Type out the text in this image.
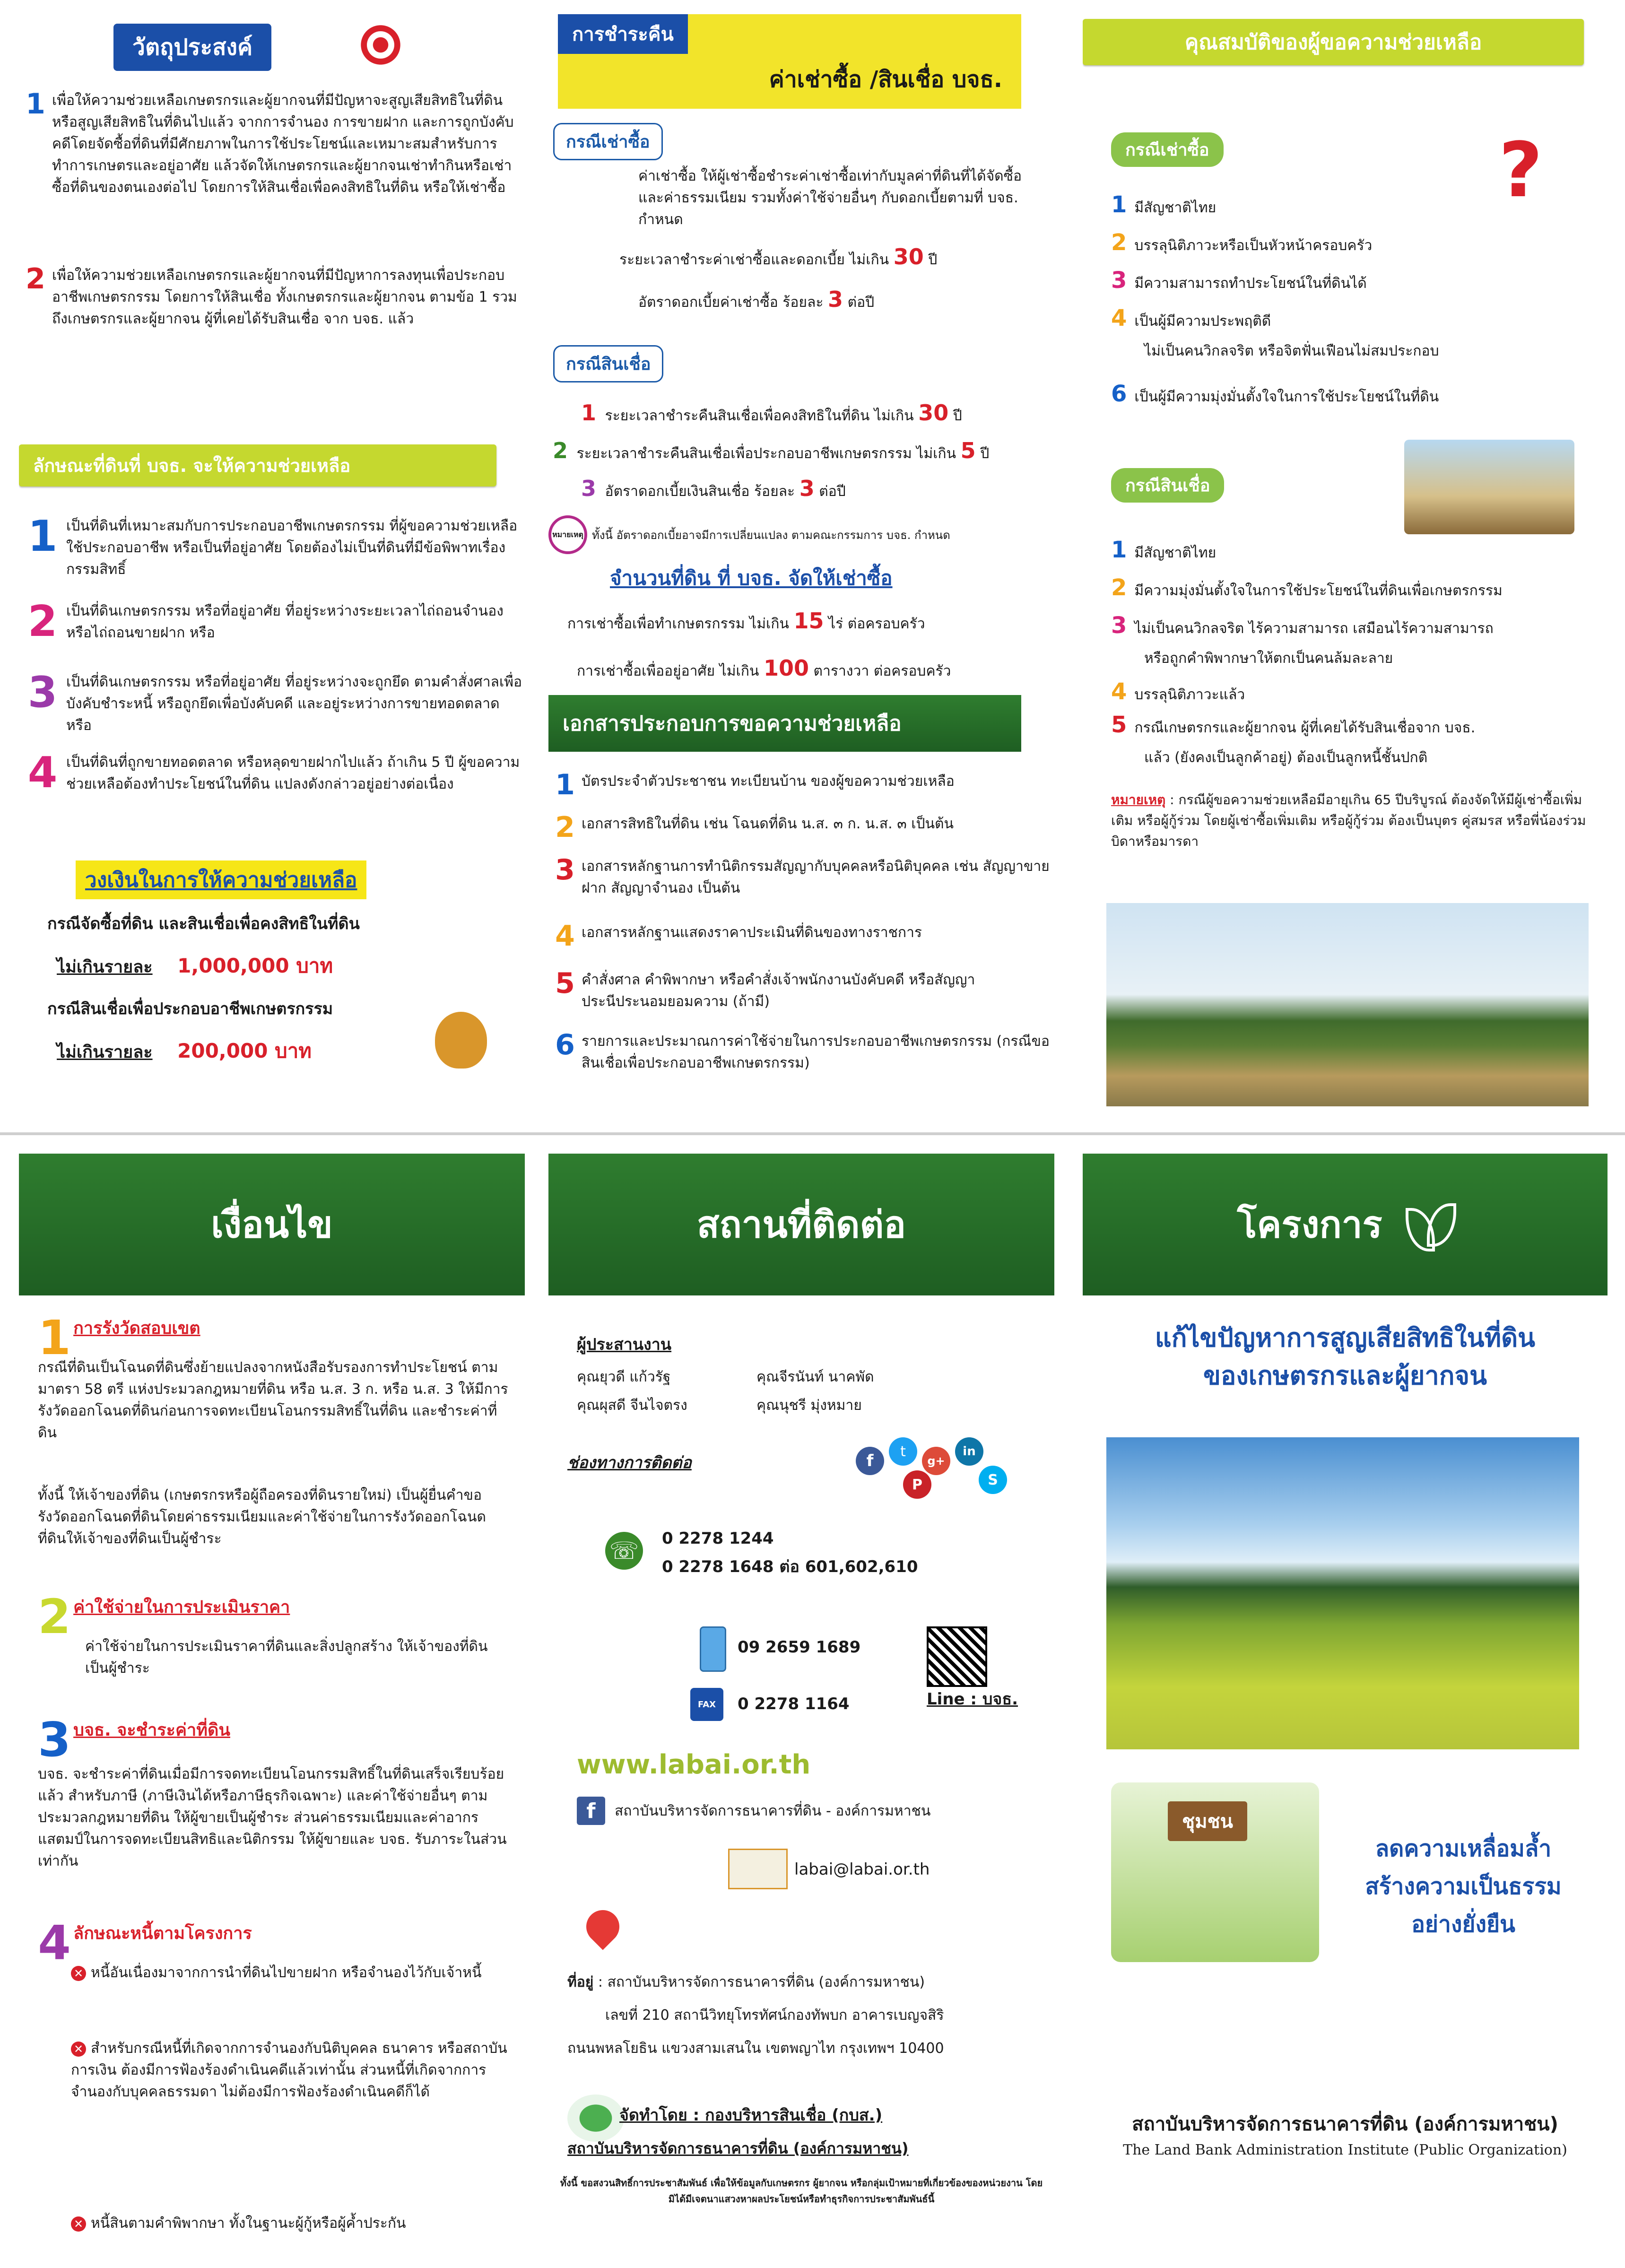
วัตถุประสงค์
1 เพื่อให้ความช่วยเหลือเกษตรกรและผู้ยากจนที่มีปัญหาจะสูญเสียสิทธิในที่ดิน หรือสูญเสียสิทธิในที่ดินไปแล้ว จากการจำนอง การขายฝาก และการถูกบังคับคดีโดยจัดซื้อที่ดินที่มีศักยภาพในการใช้ประโยชน์และเหมาะสมสำหรับการทำการเกษตรและอยู่อาศัย แล้วจัดให้เกษตรกรและผู้ยากจนเช่าทำกินหรือเช่าซื้อที่ดินของตนเองต่อไป โดยการให้สินเชื่อเพื่อคงสิทธิในที่ดิน หรือให้เช่าซื้อ
2 เพื่อให้ความช่วยเหลือเกษตรกรและผู้ยากจนที่มีปัญหาการลงทุนเพื่อประกอบอาชีพเกษตรกรรม โดยการให้สินเชื่อ ทั้งเกษตรกรและผู้ยากจน ตามข้อ 1 รวมถึงเกษตรกรและผู้ยากจน ผู้ที่เคยได้รับสินเชื่อ จาก บจธ. แล้ว
ลักษณะที่ดินที่ บจธ. จะให้ความช่วยเหลือ
1 เป็นที่ดินที่เหมาะสมกับการประกอบอาชีพเกษตรกรรม ที่ผู้ขอความช่วยเหลือใช้ประกอบอาชีพ หรือเป็นที่อยู่อาศัย โดยต้องไม่เป็นที่ดินที่มีข้อพิพาทเรื่องกรรมสิทธิ์
2 เป็นที่ดินเกษตรกรรม หรือที่อยู่อาศัย ที่อยู่ระหว่างระยะเวลาไถ่ถอนจำนอง หรือไถ่ถอนขายฝาก หรือ
3 เป็นที่ดินเกษตรกรรม หรือที่อยู่อาศัย ที่อยู่ระหว่างจะถูกยึด ตามคำสั่งศาลเพื่อบังคับชำระหนี้ หรือถูกยึดเพื่อบังคับคดี และอยู่ระหว่างการขายทอดตลาด หรือ
4 เป็นที่ดินที่ถูกขายทอดตลาด หรือหลุดขายฝากไปแล้ว ถ้าเกิน 5 ปี ผู้ขอความช่วยเหลือต้องทำประโยชน์ในที่ดิน แปลงดังกล่าวอยู่อย่างต่อเนื่อง
วงเงินในการให้ความช่วยเหลือ
กรณีจัดซื้อที่ดิน และสินเชื่อเพื่อคงสิทธิในที่ดิน
ไม่เกินรายละ 1,000,000 บาท
กรณีสินเชื่อเพื่อประกอบอาชีพเกษตรกรรม
ไม่เกินรายละ 200,000 บาท
การชำระคืน
ค่าเช่าซื้อ /สินเชื่อ บจธ.
กรณีเช่าซื้อ
ค่าเช่าซื้อ ให้ผู้เช่าซื้อชำระค่าเช่าซื้อเท่ากับมูลค่าที่ดินที่ได้จัดซื้อ และค่าธรรมเนียม รวมทั้งค่าใช้จ่ายอื่นๆ กับดอกเบี้ยตามที่ บจธ. กำหนด
ระยะเวลาชำระค่าเช่าซื้อและดอกเบี้ย ไม่เกิน 30 ปี
อัตราดอกเบี้ยค่าเช่าซื้อ ร้อยละ 3 ต่อปี
กรณีสินเชื่อ
1 ระยะเวลาชำระคืนสินเชื่อเพื่อคงสิทธิในที่ดิน ไม่เกิน 30 ปี
2 ระยะเวลาชำระคืนสินเชื่อเพื่อประกอบอาชีพเกษตรกรรม ไม่เกิน 5 ปี
3 อัตราดอกเบี้ยเงินสินเชื่อ ร้อยละ 3 ต่อปี
หมายเหตุ ทั้งนี้ อัตราดอกเบี้ยอาจมีการเปลี่ยนแปลง ตามคณะกรรมการ บจธ. กำหนด
จำนวนที่ดิน ที่ บจธ. จัดให้เช่าซื้อ
การเช่าซื้อเพื่อทำเกษตรกรรม ไม่เกิน 15 ไร่ ต่อครอบครัว
การเช่าซื้อเพื่ออยู่อาศัย ไม่เกิน 100 ตารางวา ต่อครอบครัว
เอกสารประกอบการขอความช่วยเหลือ
1 บัตรประจำตัวประชาชน ทะเบียนบ้าน ของผู้ขอความช่วยเหลือ
2 เอกสารสิทธิในที่ดิน เช่น โฉนดที่ดิน น.ส. ๓ ก. น.ส. ๓ เป็นต้น
3 เอกสารหลักฐานการทำนิติกรรมสัญญากับบุคคลหรือนิติบุคคล เช่น สัญญาขายฝาก สัญญาจำนอง เป็นต้น
4 เอกสารหลักฐานแสดงราคาประเมินที่ดินของทางราชการ
5 คำสั่งศาล คำพิพากษา หรือคำสั่งเจ้าพนักงานบังคับคดี หรือสัญญาประนีประนอมยอมความ (ถ้ามี)
6 รายการและประมาณการค่าใช้จ่ายในการประกอบอาชีพเกษตรกรรม (กรณีขอสินเชื่อเพื่อประกอบอาชีพเกษตรกรรม)
คุณสมบัติของผู้ขอความช่วยเหลือ
กรณีเช่าซื้อ	?
1 มีสัญชาติไทย
2 บรรลุนิติภาวะหรือเป็นหัวหน้าครอบครัว
3 มีความสามารถทำประโยชน์ในที่ดินได้
4 เป็นผู้มีความประพฤติดี
ไม่เป็นคนวิกลจริต หรือจิตฟั่นเฟือนไม่สมประกอบ
6 เป็นผู้มีความมุ่งมั่นตั้งใจในการใช้ประโยชน์ในที่ดิน
กรณีสินเชื่อ
1 มีสัญชาติไทย
2 มีความมุ่งมั่นตั้งใจในการใช้ประโยชน์ในที่ดินเพื่อเกษตรกรรม
3 ไม่เป็นคนวิกลจริต ไร้ความสามารถ เสมือนไร้ความสามารถ
หรือถูกคำพิพากษาให้ตกเป็นคนล้มละลาย
4 บรรลุนิติภาวะแล้ว
5 กรณีเกษตรกรและผู้ยากจน ผู้ที่เคยได้รับสินเชื่อจาก บจธ.
แล้ว (ยังคงเป็นลูกค้าอยู่) ต้องเป็นลูกหนี้ชั้นปกติ
หมายเหตุ : กรณีผู้ขอความช่วยเหลือมีอายุเกิน 65 ปีบริบูรณ์ ต้องจัดให้มีผู้เช่าซื้อเพิ่มเติม หรือผู้กู้ร่วม โดยผู้เช่าซื้อเพิ่มเติม หรือผู้กู้ร่วม ต้องเป็นบุตร คู่สมรส หรือพี่น้องร่วมบิดาหรือมารดา
เงื่อนไข
1 การรังวัดสอบเขต
กรณีที่ดินเป็นโฉนดที่ดินซึ่งย้ายแปลงจากหนังสือรับรองการทำประโยชน์ ตามมาตรา 58 ตรี แห่งประมวลกฎหมายที่ดิน หรือ น.ส. 3 ก. หรือ น.ส. 3 ให้มีการรังวัดออกโฉนดที่ดินก่อนการจดทะเบียนโอนกรรมสิทธิ์ในที่ดิน และชำระค่าที่ดิน
ทั้งนี้ ให้เจ้าของที่ดิน (เกษตรกรหรือผู้ถือครองที่ดินรายใหม่) เป็นผู้ยื่นคำขอรังวัดออกโฉนดที่ดินโดยค่าธรรมเนียมและค่าใช้จ่ายในการรังวัดออกโฉนดที่ดินให้เจ้าของที่ดินเป็นผู้ชำระ
2 ค่าใช้จ่ายในการประเมินราคา
ค่าใช้จ่ายในการประเมินราคาที่ดินและสิ่งปลูกสร้าง ให้เจ้าของที่ดินเป็นผู้ชำระ
3 บจธ. จะชำระค่าที่ดิน
บจธ. จะชำระค่าที่ดินเมื่อมีการจดทะเบียนโอนกรรมสิทธิ์ในที่ดินเสร็จเรียบร้อยแล้ว สำหรับภาษี (ภาษีเงินได้หรือภาษีธุรกิจเฉพาะ) และค่าใช้จ่ายอื่นๆ ตามประมวลกฎหมายที่ดิน ให้ผู้ขายเป็นผู้ชำระ ส่วนค่าธรรมเนียมและค่าอากรแสตมป์ในการจดทะเบียนสิทธิและนิติกรรม ให้ผู้ขายและ บจธ. รับภาระในส่วนเท่ากัน
4 ลักษณะหนี้ตามโครงการ
✕ หนี้อันเนื่องมาจากการนำที่ดินไปขายฝาก หรือจำนองไว้กับเจ้าหนี้
✕ สำหรับกรณีหนี้ที่เกิดจากการจำนองกับนิติบุคคล ธนาคาร หรือสถาบันการเงิน ต้องมีการฟ้องร้องดำเนินคดีแล้วเท่านั้น ส่วนหนี้ที่เกิดจากการจำนองกับบุคคลธรรมดา ไม่ต้องมีการฟ้องร้องดำเนินคดีก็ได้
✕ หนี้สินตามคำพิพากษา ทั้งในฐานะผู้กู้หรือผู้ค้ำประกัน
สถานที่ติดต่อ
ผู้ประสานงาน
คุณยุวดี แก้วรัฐ	คุณจีรนันท์ นาคพัด
คุณผุสดี จีนไจตรง	คุณนุชรี มุ่งหมาย
ช่องทางการติดต่อ	f	t
g+
in
P	S
☏ 0 2278 1244
0 2278 1648 ต่อ 601,602,610
09 2659 1689
Line : บจธ.
FAX	0 2278 1164
www.labai.or.th
f	สถาบันบริหารจัดการธนาคารที่ดิน - องค์การมหาชน
labai@labai.or.th
ที่อยู่ : สถาบันบริหารจัดการธนาคารที่ดิน (องค์การมหาชน)
เลขที่ 210 สถานีวิทยุโทรทัศน์กองทัพบก อาคารเบญจสิริ
ถนนพหลโยธิน แขวงสามเสนใน เขตพญาไท กรุงเทพฯ 10400
จัดทำโดย : กองบริหารสินเชื่อ (กบส.)
สถาบันบริหารจัดการธนาคารที่ดิน (องค์การมหาชน)
ทั้งนี้ ขอสงวนสิทธิ์การประชาสัมพันธ์ เพื่อให้ข้อมูลกับเกษตรกร ผู้ยากจน หรือกลุ่มเป้าหมายที่เกี่ยวข้องของหน่วยงาน โดยมิได้มีเจตนาแสวงหาผลประโยชน์หรือทำธุรกิจการประชาสัมพันธ์นี้
โครงการ
แก้ไขปัญหาการสูญเสียสิทธิในที่ดิน
ของเกษตรกรและผู้ยากจน
ชุมชน
ลดความเหลื่อมล้ำ
สร้างความเป็นธรรม
อย่างยั่งยืน
สถาบันบริหารจัดการธนาคารที่ดิน (องค์การมหาชน)
The Land Bank Administration Institute (Public Organization)
